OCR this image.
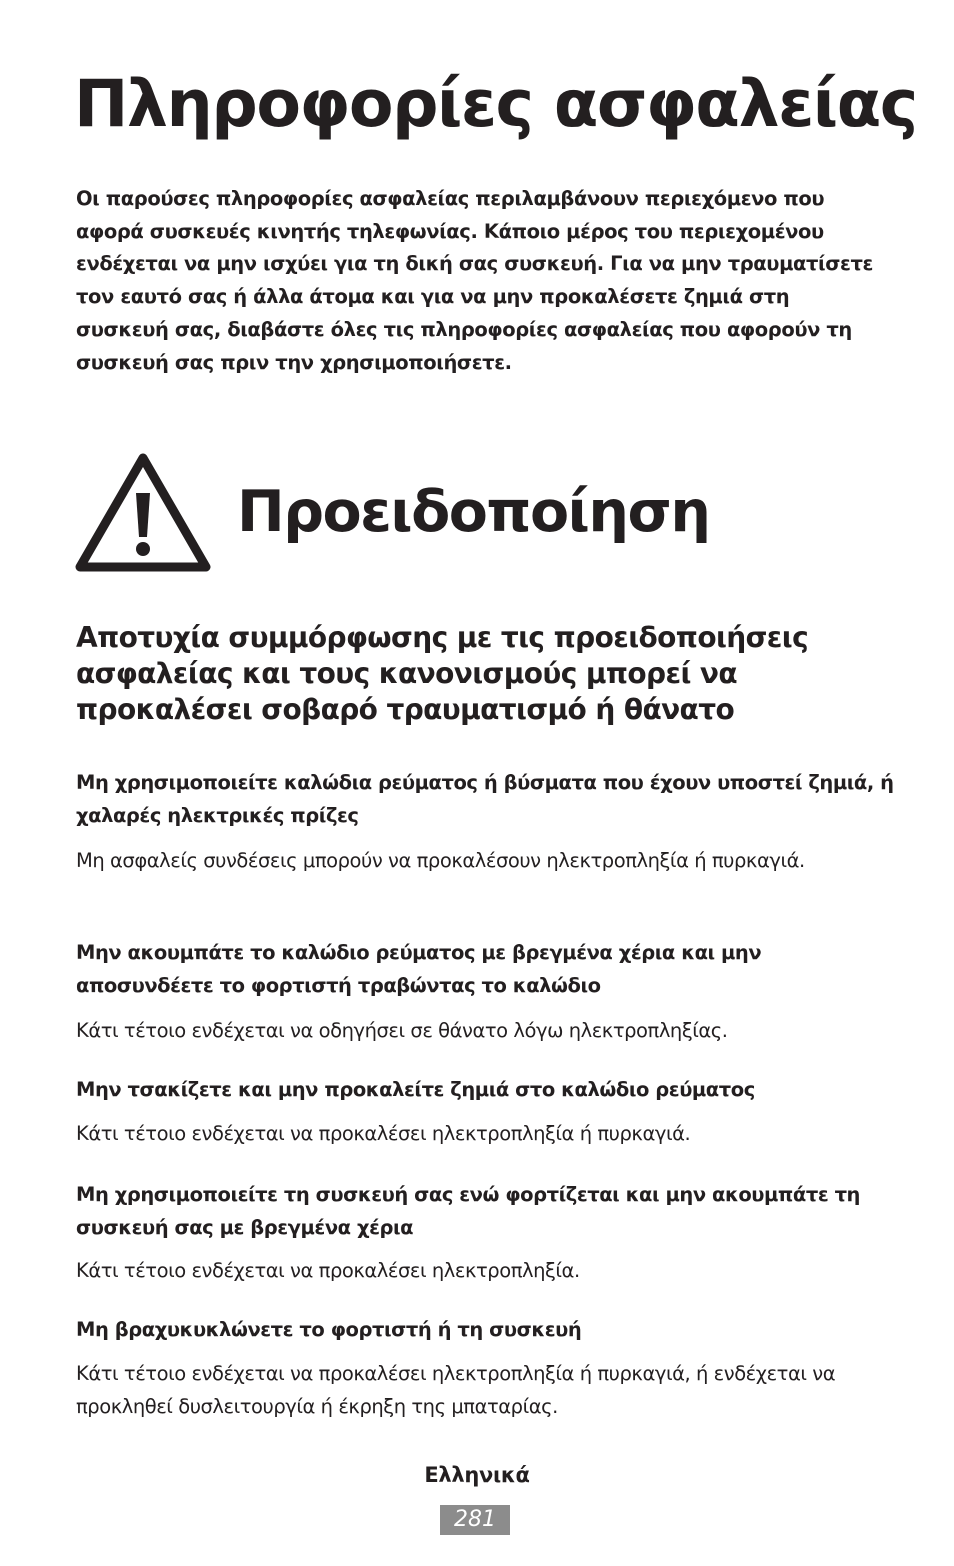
Πληροφορίες ασφαλείας

Οι παρούσες πληροφορίες ασφαλείας περιλαμβάνουν περιεχόμενο που αφορά συσκευές κινητής τηλεφωνίας. Κάποιο μέρος του περιεχομένου ενδέχεται να μην ισχύει για τη δική σας συσκευή. Για να μην τραυματίσετε τον εαυτό σας ή άλλα άτομα και για να μην προκαλέσετε ζημιά στη συσκευή σας, διαβάστε όλες τις πληροφορίες ασφαλείας που αφορούν τη συσκευή σας πριν την χρησιμοποιήσετε.

Προειδοποίηση
Αποτυχία συμμόρφωσης με τις προειδοποιήσεις ασφαλείας και τους κανονισμούς μπορεί να προκαλέσει σοβαρό τραυματισμό ή θάνατο

Μη χρησιμοποιείτε καλώδια ρεύματος ή βύσματα που έχουν υποστεί ζημιά, ή χαλαρές ηλεκτρικές πρίζες

Μη ασφαλείς συνδέσεις μπορούν να προκαλέσουν ηλεκτροπληξία ή πυρκαγιά.

Μην ακουμπάτε το καλώδιο ρεύματος με βρεγμένα χέρια και μην αποσυνδέετε το φορτιστή τραβώντας το καλώδιο

Κάτι τέτοιο ενδέχεται να οδηγήσει σε θάνατο λόγω ηλεκτροπληξίας.

Μην τσακίζετε και μην προκαλείτε ζημιά στο καλώδιο ρεύματος

Κάτι τέτοιο ενδέχεται να προκαλέσει ηλεκτροπληξία ή πυρκαγιά.

Μη χρησιμοποιείτε τη συσκευή σας ενώ φορτίζεται και μην ακουμπάτε τη συσκευή σας με βρεγμένα χέρια

Κάτι τέτοιο ενδέχεται να προκαλέσει ηλεκτροπληξία.

Μη βραχυκυκλώνετε το φορτιστή ή τη συσκευή

Κάτι τέτοιο ενδέχεται να προκαλέσει ηλεκτροπληξία ή πυρκαγιά, ή ενδέχεται να προκληθεί δυσλειτουργία ή έκρηξη της μπαταρίας.

Ελληνικά

281
